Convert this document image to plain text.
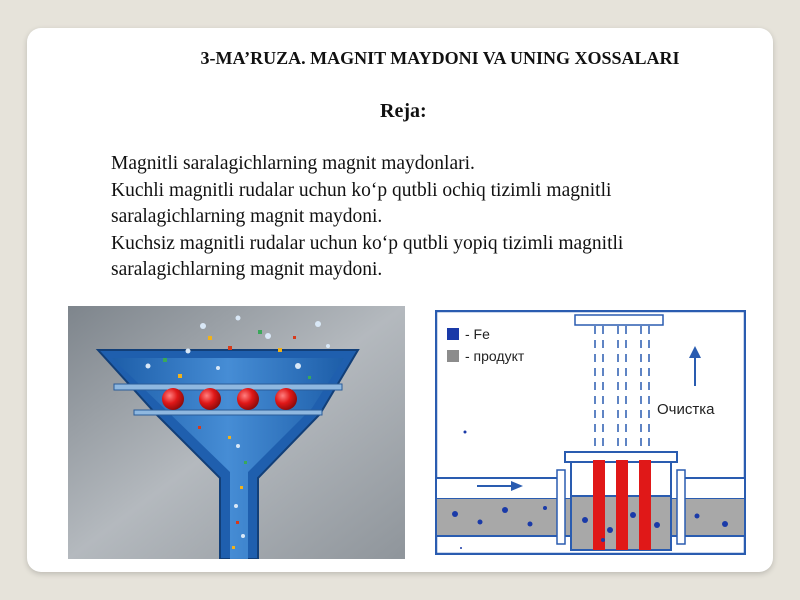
3-MA’RUZA. MAGNIT MAYDONI VA UNING XOSSALARI
Reja:
Magnitli saralagichlarning magnit maydonlari.
Kuchli magnitli rudalar uchun ko‘p qutbli ochiq tizimli magnitli
saralagichlarning magnit maydoni.
Kuchsiz magnitli rudalar uchun ko‘p qutbli yopiq tizimli magnitli
saralagichlarning magnit maydoni.
- Fe
- продукт
Очистка
